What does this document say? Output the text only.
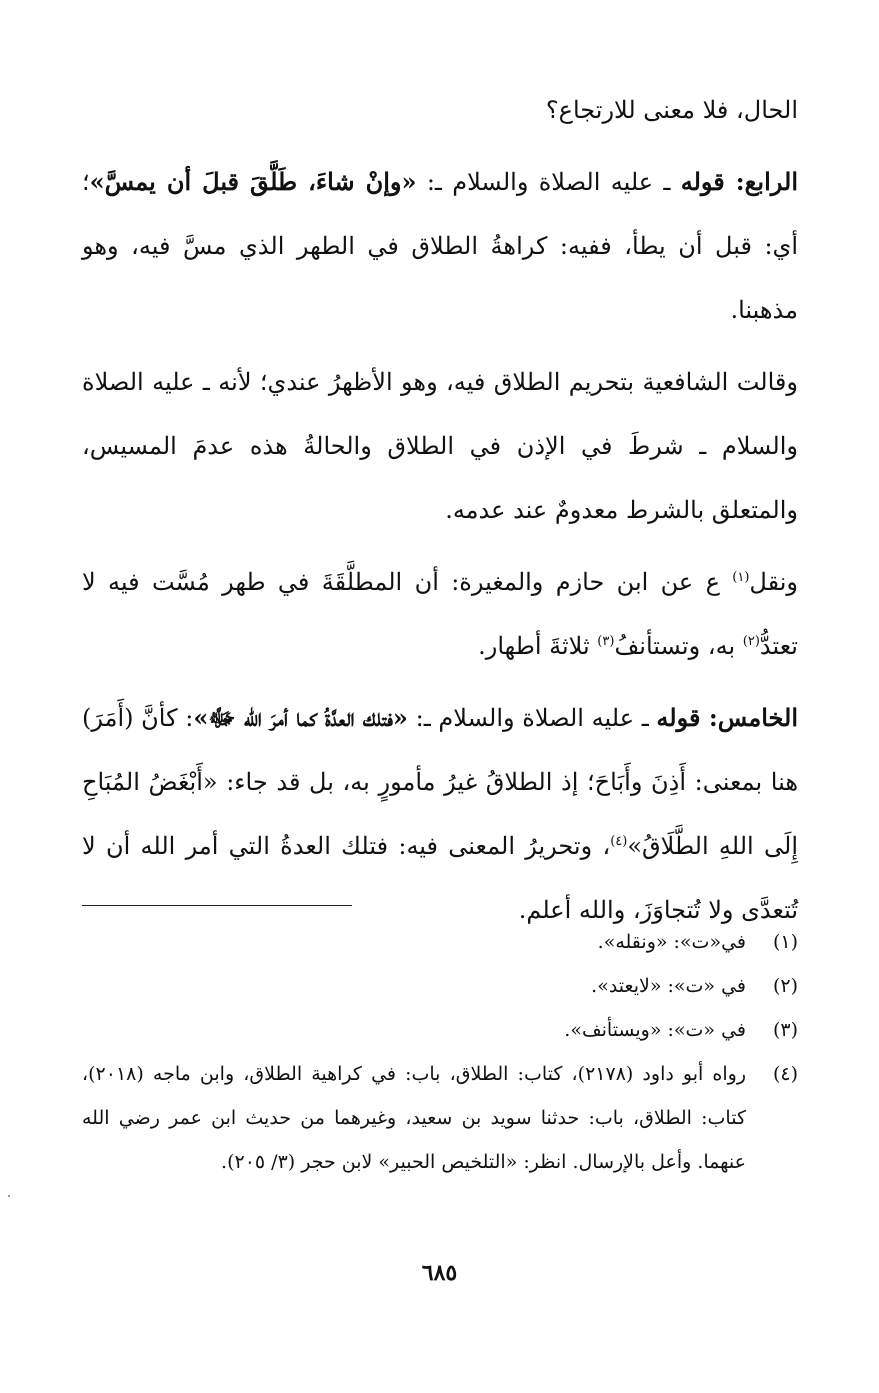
الحال، فلا معنى للارتجاع؟

الرابع: قوله ـ عليه الصلاة والسلام ـ: «وإنْ شاءَ، طَلَّقَ قبلَ أن يمسَّ»؛ أي: قبل أن يطأ، ففيه: كراهةُ الطلاق في الطهر الذي مسَّ فيه، وهو مذهبنا.

وقالت الشافعية بتحريم الطلاق فيه، وهو الأظهرُ عندي؛ لأنه ـ عليه الصلاة والسلام ـ شرطَ في الإذن في الطلاق والحالةُ هذه عدمَ المسيس، والمتعلق بالشرط معدومٌ عند عدمه.

ونقل$^{(١)}$ ع عن ابن حازم والمغيرة: أن المطلَّقَةَ في طهر مُسَّت فيه لا تعتدُّ$^{(٢)}$ به، وتستأنفُ$^{(٣)}$ ثلاثةَ أطهار.

الخامس: قوله ـ عليه الصلاة والسلام ـ: «فتلك العدَّةُ كما أمرَ الله ﷻ»: كأنَّ (أَمَرَ) هنا بمعنى: أَذِنَ وأَبَاحَ؛ إذ الطلاقُ غيرُ مأمورٍ به، بل قد جاء: «أَبْغَضُ المُبَاحِ إِلَى اللهِ الطَّلَاقُ»$^{(٤)}$، وتحريرُ المعنى فيه: فتلك العدةُ التي أمر الله أن لا تُتعدَّى ولا تُتجاوَزَ، والله أعلم.

(١)
في«ت»: «ونقله».
(٢)
في «ت»: «لايعتد».
(٣)
في «ت»: «ويستأنف».
(٤)
رواه أبو داود (٢١٧٨)، كتاب: الطلاق، باب: في كراهية الطلاق، وابن ماجه (٢٠١٨)، كتاب: الطلاق، باب: حدثنا سويد بن سعيد، وغيرهما من حديث ابن عمر رضي الله عنهما. وأعل بالإرسال. انظر: «التلخيص الحبير» لابن حجر (٣/ ٢٠٥).
٦٨٥
